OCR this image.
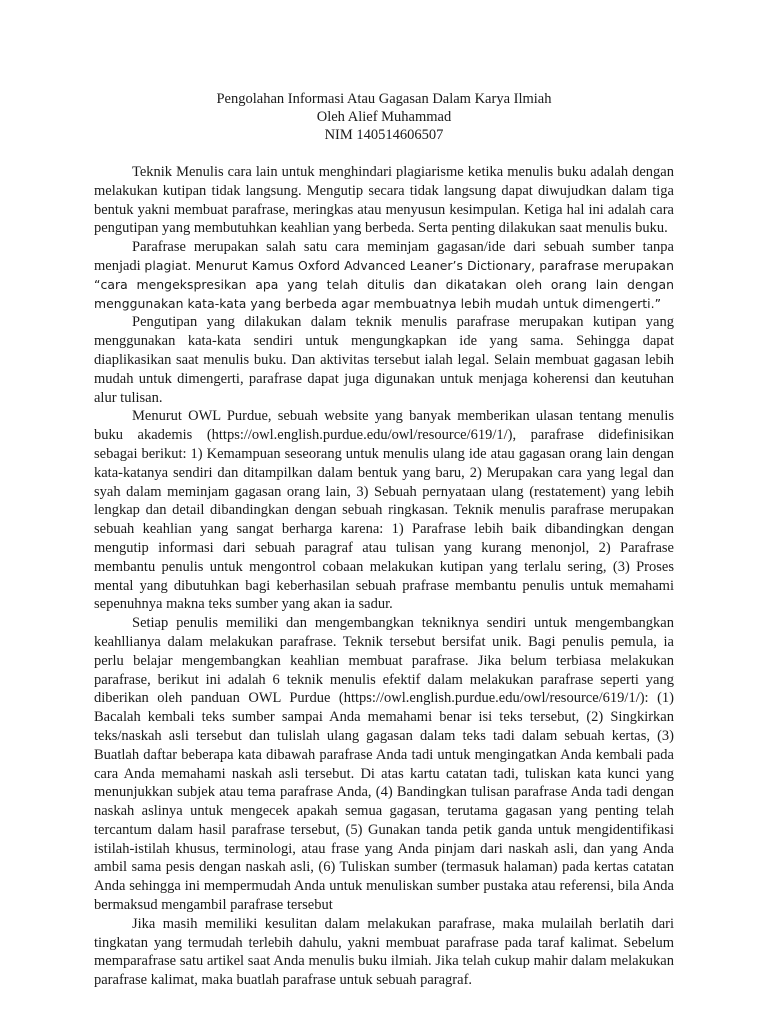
Pengolahan Informasi Atau Gagasan Dalam Karya Ilmiah
Oleh Alief Muhammad
NIM 140514606507

Teknik Menulis cara lain untuk menghindari plagiarisme ketika menulis buku adalah dengan melakukan kutipan tidak langsung. Mengutip secara tidak langsung dapat diwujudkan dalam tiga bentuk yakni membuat parafrase, meringkas atau menyusun kesimpulan. Ketiga hal ini adalah cara pengutipan yang membutuhkan keahlian yang berbeda. Serta penting dilakukan saat menulis buku.

Parafrase merupakan salah satu cara meminjam gagasan/ide dari sebuah sumber tanpa menjadi plagiat. Menurut Kamus Oxford Advanced Leaner’s Dictionary, parafrase merupakan “cara mengekspresikan apa yang telah ditulis dan dikatakan oleh orang lain dengan menggunakan kata-kata yang berbeda agar membuatnya lebih mudah untuk dimengerti.”

Pengutipan yang dilakukan dalam teknik menulis parafrase merupakan kutipan yang menggunakan kata-kata sendiri untuk mengungkapkan ide yang sama. Sehingga dapat diaplikasikan saat menulis buku. Dan aktivitas tersebut ialah legal. Selain membuat gagasan lebih mudah untuk dimengerti, parafrase dapat juga digunakan untuk menjaga koherensi dan keutuhan alur tulisan.

Menurut OWL Purdue, sebuah website yang banyak memberikan ulasan tentang menulis buku akademis (https://owl.english.purdue.edu/owl/resource/619/1/), parafrase didefinisikan sebagai berikut: 1) Kemampuan seseorang untuk menulis ulang ide atau gagasan orang lain dengan kata-katanya sendiri dan ditampilkan dalam bentuk yang baru, 2) Merupakan cara yang legal dan syah dalam meminjam gagasan orang lain, 3) Sebuah pernyataan ulang (restatement) yang lebih lengkap dan detail dibandingkan dengan sebuah ringkasan. Teknik menulis parafrase merupakan sebuah keahlian yang sangat berharga karena: 1) Parafrase lebih baik dibandingkan dengan mengutip informasi dari sebuah paragraf atau tulisan yang kurang menonjol, 2) Parafrase membantu penulis untuk mengontrol cobaan melakukan kutipan yang terlalu sering, (3) Proses mental yang dibutuhkan bagi keberhasilan sebuah prafrase membantu penulis untuk memahami sepenuhnya makna teks sumber yang akan ia sadur.

Setiap penulis memiliki dan mengembangkan tekniknya sendiri untuk mengembangkan keahllianya dalam melakukan parafrase. Teknik tersebut bersifat unik. Bagi penulis pemula, ia perlu belajar mengembangkan keahlian membuat parafrase. Jika belum terbiasa melakukan parafrase, berikut ini adalah 6 teknik menulis efektif dalam melakukan parafrase seperti yang diberikan oleh panduan OWL Purdue (https://owl.english.purdue.edu/owl/resource/619/1/): (1) Bacalah kembali teks sumber sampai Anda memahami benar isi teks tersebut, (2) Singkirkan teks/naskah asli tersebut dan tulislah ulang gagasan dalam teks tadi dalam sebuah kertas, (3) Buatlah daftar beberapa kata dibawah parafrase Anda tadi untuk mengingatkan Anda kembali pada cara Anda memahami naskah asli tersebut. Di atas kartu catatan tadi, tuliskan kata kunci yang menunjukkan subjek atau tema parafrase Anda, (4) Bandingkan tulisan parafrase Anda tadi dengan naskah aslinya untuk mengecek apakah semua gagasan, terutama gagasan yang penting telah tercantum dalam hasil parafrase tersebut, (5) Gunakan tanda petik ganda untuk mengidentifikasi istilah-istilah khusus, terminologi, atau frase yang Anda pinjam dari naskah asli, dan yang Anda ambil sama pesis dengan naskah asli, (6) Tuliskan sumber (termasuk halaman) pada kertas catatan Anda sehingga ini mempermudah Anda untuk menuliskan sumber pustaka atau referensi, bila Anda bermaksud mengambil parafrase tersebut

Jika masih memiliki kesulitan dalam melakukan parafrase, maka mulailah berlatih dari tingkatan yang termudah terlebih dahulu, yakni membuat parafrase pada taraf kalimat. Sebelum memparafrase satu artikel saat Anda menulis buku ilmiah. Jika telah cukup mahir dalam melakukan parafrase kalimat, maka buatlah parafrase untuk sebuah paragraf.
